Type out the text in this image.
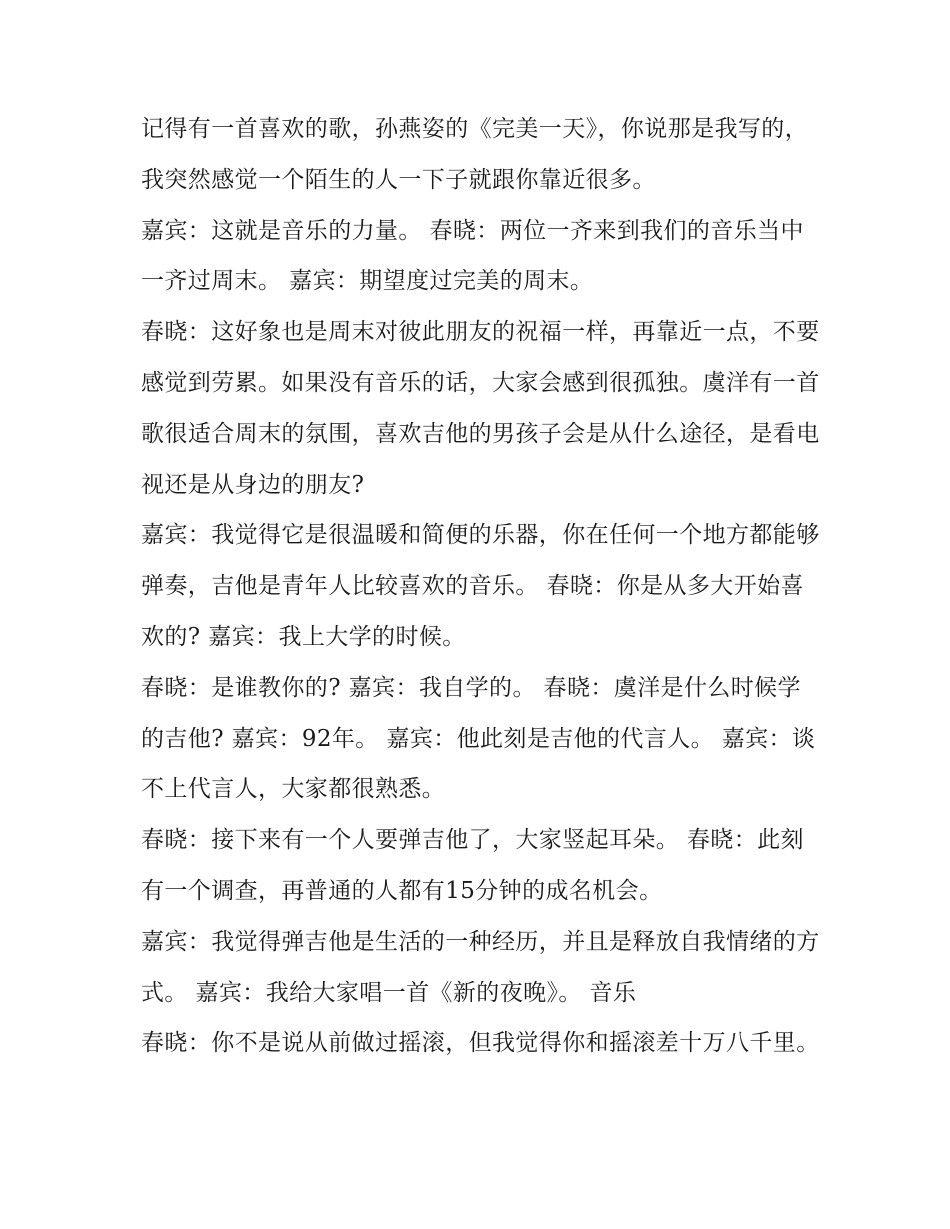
记得有一首喜欢的歌，孙燕姿的《完美一天》，你说那是我写的，我突然感觉一个陌生的人一下子就跟你靠近很多。

嘉宾：这就是音乐的力量。 春晓：两位一齐来到我们的音乐当中一齐过周末。 嘉宾：期望度过完美的周末。

春晓：这好象也是周末对彼此朋友的祝福一样，再靠近一点，不要感觉到劳累。如果没有音乐的话，大家会感到很孤独。虞洋有一首歌很适合周末的氛围，喜欢吉他的男孩子会是从什么途径，是看电视还是从身边的朋友?

嘉宾：我觉得它是很温暖和简便的乐器，你在任何一个地方都能够弹奏，吉他是青年人比较喜欢的音乐。 春晓：你是从多大开始喜欢的? 嘉宾：我上大学的时候。

春晓：是谁教你的? 嘉宾：我自学的。 春晓：虞洋是什么时候学的吉他? 嘉宾：92年。 嘉宾：他此刻是吉他的代言人。 嘉宾：谈不上代言人，大家都很熟悉。

春晓：接下来有一个人要弹吉他了，大家竖起耳朵。 春晓：此刻有一个调查，再普通的人都有15分钟的成名机会。

嘉宾：我觉得弹吉他是生活的一种经历，并且是释放自我情绪的方式。 嘉宾：我给大家唱一首《新的夜晚》。 音乐

春晓：你不是说从前做过摇滚，但我觉得你和摇滚差十万八千里。
